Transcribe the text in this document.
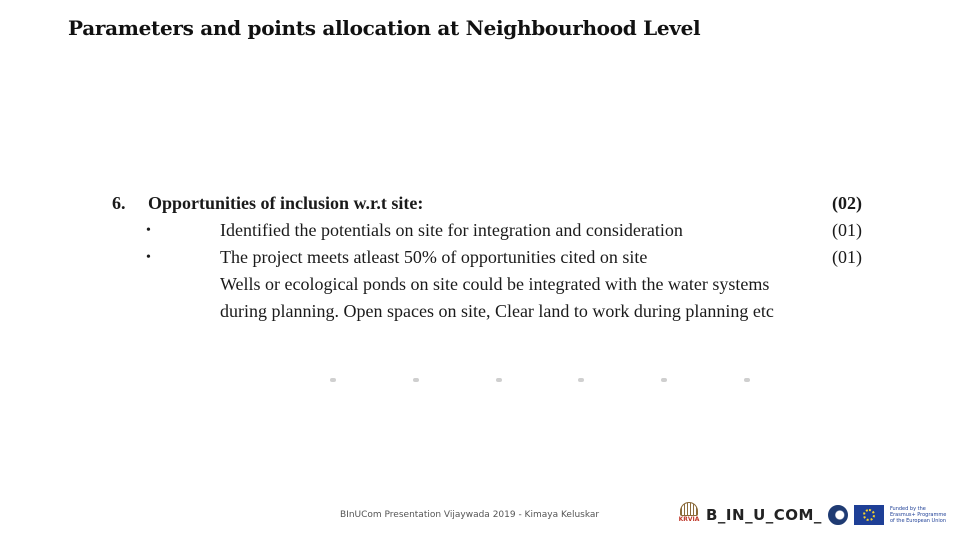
Parameters and points allocation at Neighbourhood Level
6. Opportunities of inclusion w.r.t site:	(02)
•	Identified the potentials on site for integration and consideration	(01)
•	The project meets atleast 50% of opportunities cited on site	(01)
Wells or ecological ponds on site could be integrated with the water systems during planning. Open spaces on site, Clear land to work during planning etc
BInUCom Presentation Vijaywada 2019 - Kimaya Keluskar	KRVIA B_IN_U_COM_	Funded by the Erasmus+ Programme of the European Union
